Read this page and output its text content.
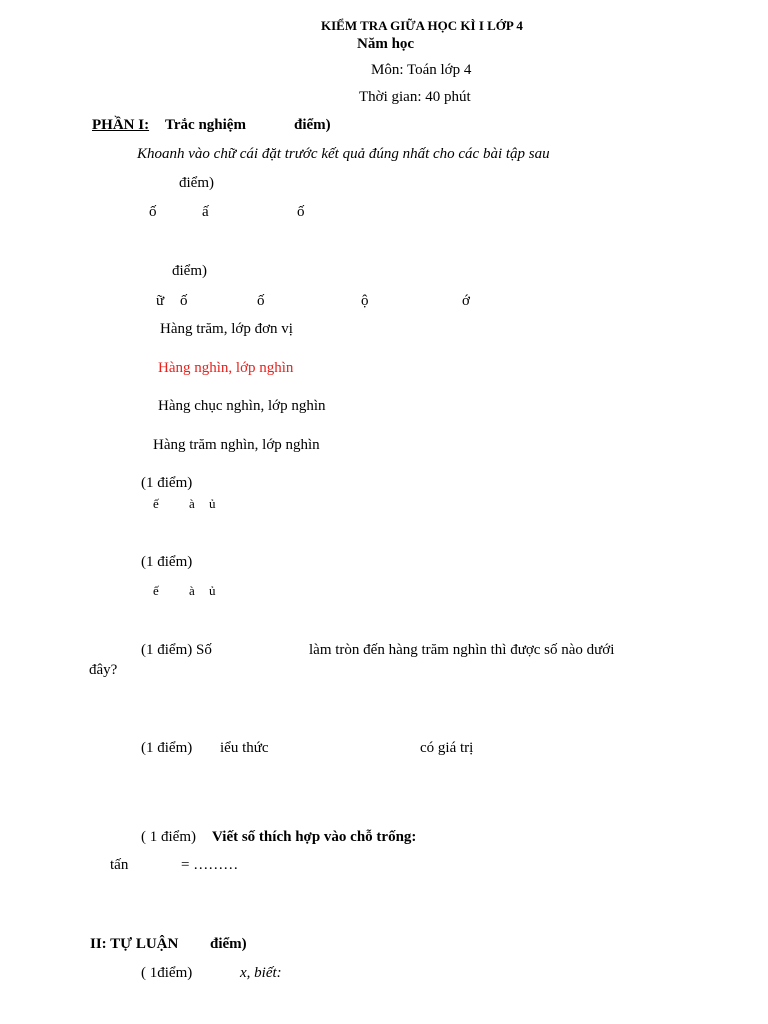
KIỂM TRA GIỮA HỌC KÌ I LỚP 4
Năm học
Môn: Toán lớp 4
Thời gian: 40 phút
PHẦN I: Trắc nghiệm	điểm)
Khoanh vào chữ cái đặt trước kết quả đúng nhất cho các bài tập sau
điểm)
ố	ấ	ố
điểm)
ữ ố	ố	ộ	ớ
Hàng trăm, lớp đơn vị
Hàng nghìn, lớp nghìn
Hàng chục nghìn, lớp nghìn
Hàng trăm nghìn, lớp nghìn
(1 điểm)
ế à ủ
(1 điểm)
ế à ủ
(1 điểm) Số	làm tròn đến hàng trăm nghìn thì được số nào dưới
đây?
(1 điểm) iểu thức	có giá trị
( 1 điểm) Viết số thích hợp vào chỗ trống:
tấn	= ………
II: TỰ LUẬN điểm)
( 1điểm)	x, biết:
